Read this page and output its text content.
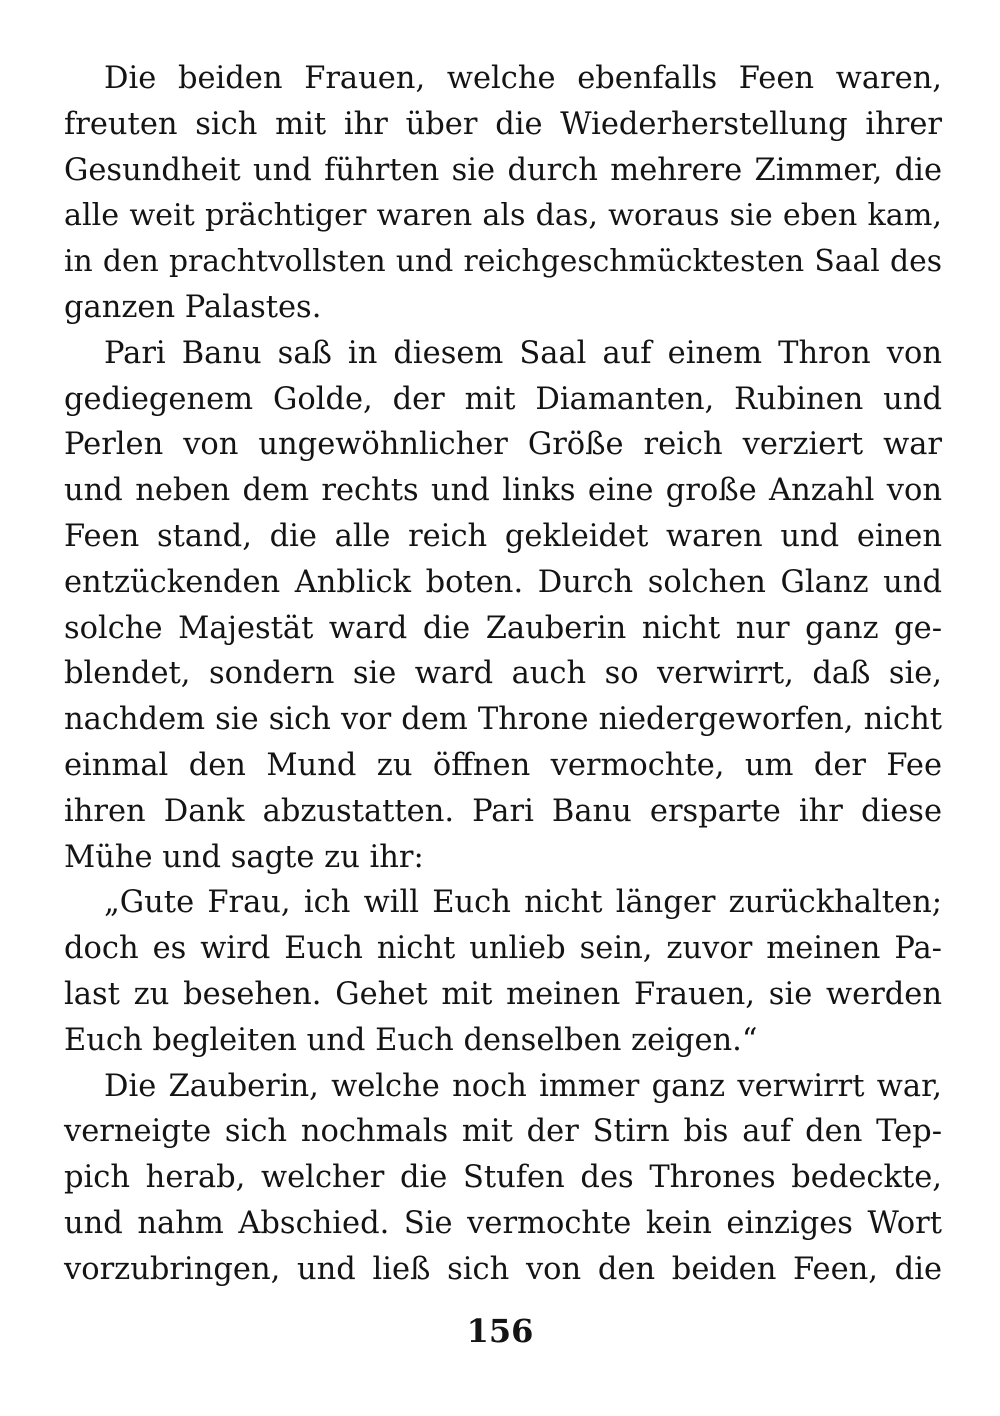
Die beiden Frauen, welche ebenfalls Feen waren,
freuten sich mit ihr über die Wiederherstellung ihrer
Gesundheit und führten sie durch mehrere Zimmer, die
alle weit prächtiger waren als das, woraus sie eben kam,
in den prachtvollsten und reichgeschmücktesten Saal des
ganzen Palastes.
Pari Banu saß in diesem Saal auf einem Thron von
gediegenem Golde, der mit Diamanten, Rubinen und
Perlen von ungewöhnlicher Größe reich verziert war
und neben dem rechts und links eine große Anzahl von
Feen stand, die alle reich gekleidet waren und einen
entzückenden Anblick boten. Durch solchen Glanz und
solche Majestät ward die Zauberin nicht nur ganz ge-
blendet, sondern sie ward auch so verwirrt, daß sie,
nachdem sie sich vor dem Throne niedergeworfen, nicht
einmal den Mund zu öffnen vermochte, um der Fee
ihren Dank abzustatten. Pari Banu ersparte ihr diese
Mühe und sagte zu ihr:
„Gute Frau, ich will Euch nicht länger zurückhalten;
doch es wird Euch nicht unlieb sein, zuvor meinen Pa-
last zu besehen. Gehet mit meinen Frauen, sie werden
Euch begleiten und Euch denselben zeigen.“
Die Zauberin, welche noch immer ganz verwirrt war,
verneigte sich nochmals mit der Stirn bis auf den Tep-
pich herab, welcher die Stufen des Thrones bedeckte,
und nahm Abschied. Sie vermochte kein einziges Wort
vorzubringen, und ließ sich von den beiden Feen, die
156
